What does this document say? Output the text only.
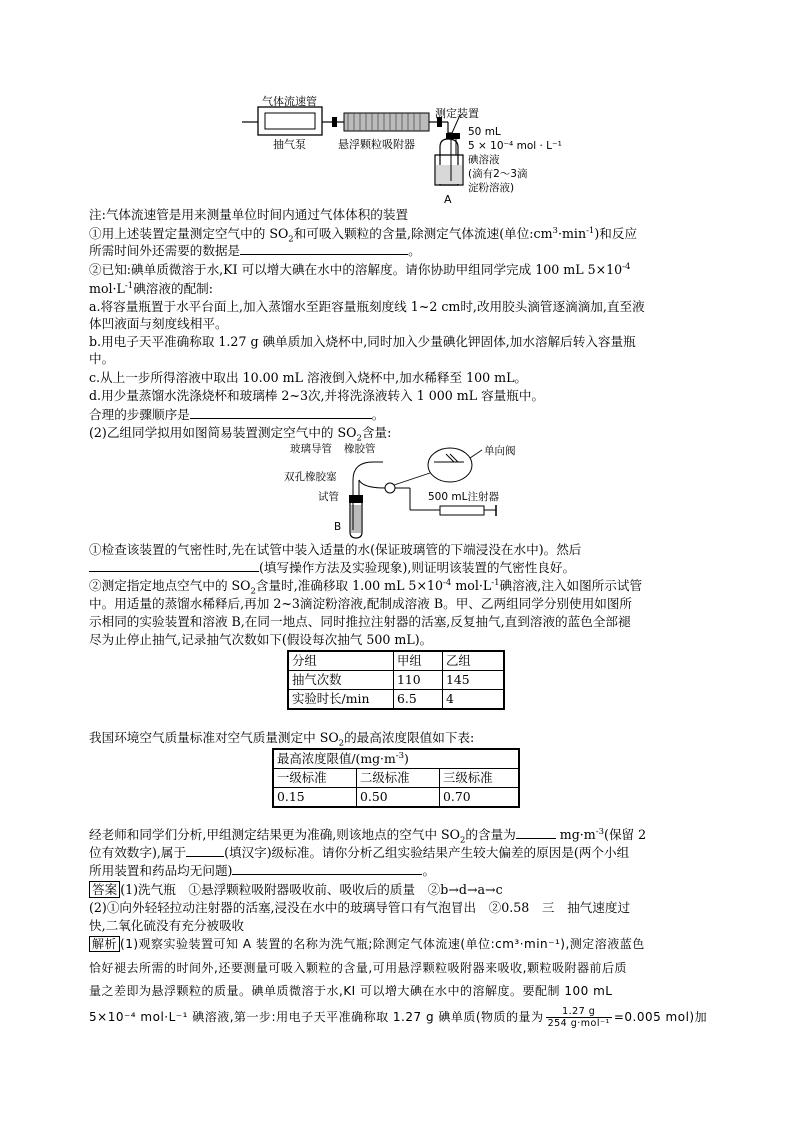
气体流速管
抽气泵	悬浮颗粒吸附器
测定装置
50 mL
5 × 10⁻⁴ mol · L⁻¹
碘溶液
(滴有2～3滴
淀粉溶液)
A
注:气体流速管是用来测量单位时间内通过气体体积的装置
①用上述装置定量测定空气中的 $SO_2$和可吸入颗粒的含量,除测定气体流速(单位$:cm^3\cdot\min^{-1}$)和反应
所需时间外还需要的数据是	。
②已知:碘单质微溶于水,KI 可以增大碘在水中的溶解度。请你协助甲组同学完成 100 mL $5\times 10^{-4}$
$mol\cdot L^{-1}$碘溶液的配制:
a.将容量瓶置于水平台面上,加入蒸馏水至距容量瓶刻度线 1~2 cm时,改用胶头滴管逐滴滴加,直至液
体凹液面与刻度线相平。
b.用电子天平准确称取 1.27 g 碘单质加入烧杯中,同时加入少量碘化钾固体,加水溶解后转入容量瓶
中。
c.从上一步所得溶液中取出 10.00 mL 溶液倒入烧杯中,加水稀释至 100 mL。
d.用少量蒸馏水洗涤烧杯和玻璃棒 2~3次,并将洗涤液转入 1 000 mL 容量瓶中。
合理的步骤顺序是	。
(2)乙组同学拟用如图简易装置测定空气中的 $SO_2$含量:
玻璃导管 橡胶管	单向阀
双孔橡胶塞
试管	500 mL注射器
B
①检查该装置的气密性时,先在试管中装入适量的水(保证玻璃管的下端浸没在水中)。然后
(填写操作方法及实验现象),则证明该装置的气密性良好。
②测定指定地点空气中的 $SO_2$含量时,准确移取 1.00 mL $5\times 10^{-4}$ $mol\cdot L^{-1}$碘溶液,注入如图所示试管
中。用适量的蒸馏水稀释后,再加 2~3滴淀粉溶液,配制成溶液 B。甲、乙两组同学分别使用如图所
示相同的实验装置和溶液 B,在同一地点、同时推拉注射器的活塞,反复抽气,直到溶液的蓝色全部褪
尽为止停止抽气,记录抽气次数如下(假设每次抽气 500 mL)。
分组	甲组	乙组
抽气次数	110	145
实验时长/min	6.5	4
我国环境空气质量标准对空气质量测定中 $SO_2$的最高浓度限值如下表:
最高浓度限值$/(mg\cdot m^{-3})$		
一级标准	二级标准	三级标准
0.15	0.50	0.70
经老师和同学们分析,甲组测定结果更为准确,则该地点的空气中 $SO_2$的含量为	$mg\cdot m^{-3}$(保留 2
位有效数字),属于	(填汉字)级标准。请你分析乙组实验结果产生较大偏差的原因是(两个小组
所用装置和药品均无问题)	。
答案 (1)洗气瓶　①悬浮颗粒吸附器吸收前、吸收后的质量　②b→d→a→c
(2)①向外轻轻拉动注射器的活塞,浸没在水中的玻璃导管口有气泡冒出　②0.58　三　抽气速度过
快,二氧化硫没有充分被吸收
解析 (1)观察实验装置可知 A 装置的名称为洗气瓶;除测定气体流速(单位:cm³·min⁻¹),测定溶液蓝色
恰好褪去所需的时间外,还要测量可吸入颗粒的含量,可用悬浮颗粒吸附器来吸收,颗粒吸附器前后质
量之差即为悬浮颗粒的质量。碘单质微溶于水,KI 可以增大碘在水中的溶解度。要配制 100 mL
5×10⁻⁴ mol·L⁻¹ 碘溶液,第一步:用电子天平准确称取 1.27 g 碘单质(物质的量为	1.27 g
254 g·mol⁻¹ =0.005 mol)加
